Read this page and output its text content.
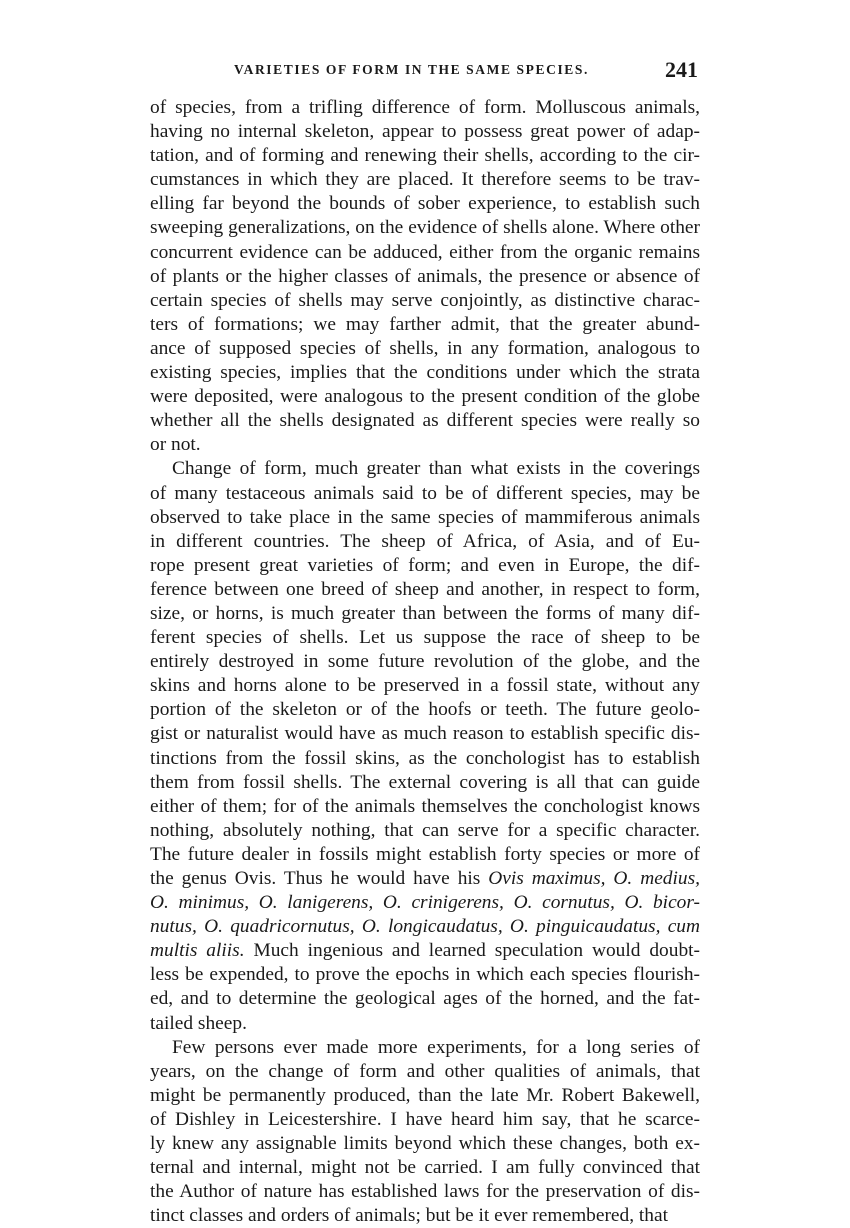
VARIETIES OF FORM IN THE SAME SPECIES.	241
of species, from a trifling difference of form. Molluscous animals,
having no internal skeleton, appear to possess great power of adap-
tation, and of forming and renewing their shells, according to the cir-
cumstances in which they are placed. It therefore seems to be trav-
elling far beyond the bounds of sober experience, to establish such
sweeping generalizations, on the evidence of shells alone. Where other
concurrent evidence can be adduced, either from the organic remains
of plants or the higher classes of animals, the presence or absence of
certain species of shells may serve conjointly, as distinctive charac-
ters of formations; we may farther admit, that the greater abund-
ance of supposed species of shells, in any formation, analogous to
existing species, implies that the conditions under which the strata
were deposited, were analogous to the present condition of the globe
whether all the shells designated as different species were really so
or not.
Change of form, much greater than what exists in the coverings
of many testaceous animals said to be of different species, may be
observed to take place in the same species of mammiferous animals
in different countries. The sheep of Africa, of Asia, and of Eu-
rope present great varieties of form; and even in Europe, the dif-
ference between one breed of sheep and another, in respect to form,
size, or horns, is much greater than between the forms of many dif-
ferent species of shells. Let us suppose the race of sheep to be
entirely destroyed in some future revolution of the globe, and the
skins and horns alone to be preserved in a fossil state, without any
portion of the skeleton or of the hoofs or teeth. The future geolo-
gist or naturalist would have as much reason to establish specific dis-
tinctions from the fossil skins, as the conchologist has to establish
them from fossil shells. The external covering is all that can guide
either of them; for of the animals themselves the conchologist knows
nothing, absolutely nothing, that can serve for a specific character.
The future dealer in fossils might establish forty species or more of
the genus Ovis. Thus he would have his Ovis maximus, O. medius,
O. minimus, O. lanigerens, O. crinigerens, O. cornutus, O. bicor-
nutus, O. quadricornutus, O. longicaudatus, O. pinguicaudatus, cum
multis aliis. Much ingenious and learned speculation would doubt-
less be expended, to prove the epochs in which each species flourish-
ed, and to determine the geological ages of the horned, and the fat-
tailed sheep.
Few persons ever made more experiments, for a long series of
years, on the change of form and other qualities of animals, that
might be permanently produced, than the late Mr. Robert Bakewell,
of Dishley in Leicestershire. I have heard him say, that he scarce-
ly knew any assignable limits beyond which these changes, both ex-
ternal and internal, might not be carried. I am fully convinced that
the Author of nature has established laws for the preservation of dis-
tinct classes and orders of animals; but be it ever remembered, that
